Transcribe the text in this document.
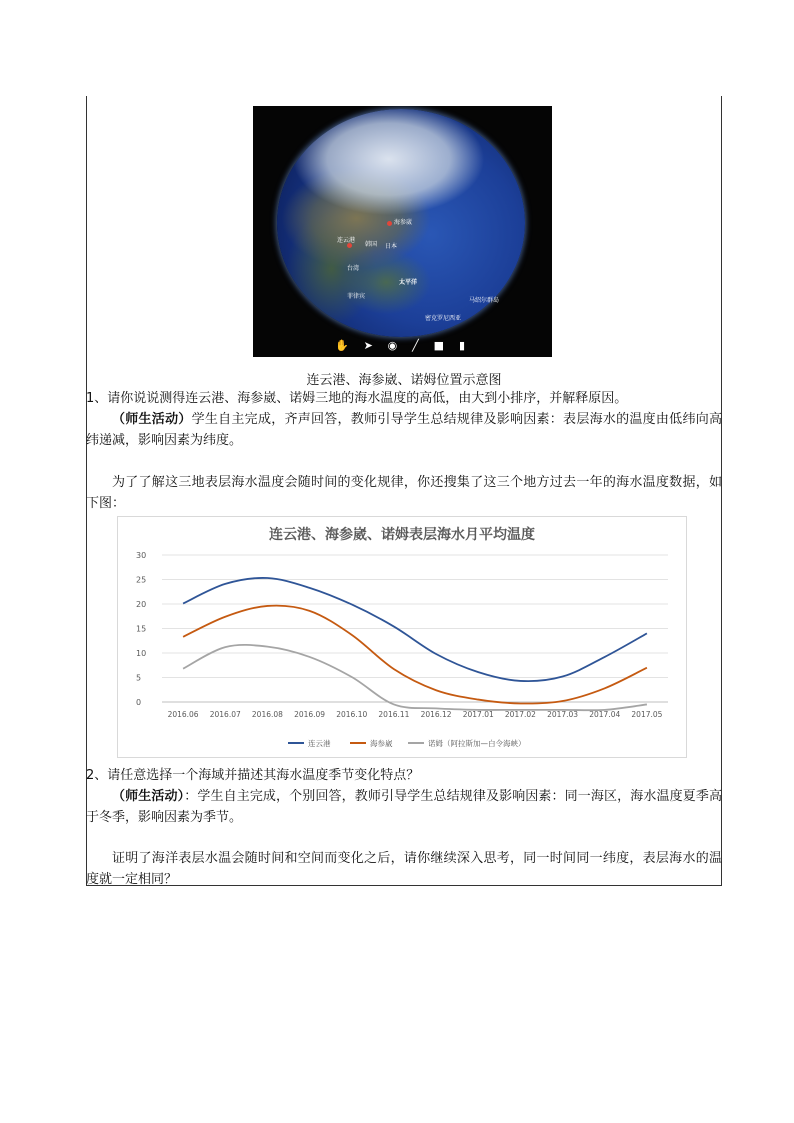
海参崴
连云港
韩国 日本
台湾
太平洋
菲律宾
马绍尔群岛
密克罗尼西亚
✋ ➤ ◉ ╱ ■ ▮
连云港、海参崴、诺姆位置示意图

1、请你说说测得连云港、海参崴、诺姆三地的海水温度的高低，由大到小排序，并解释原因。

（师生活动）学生自主完成，齐声回答，教师引导学生总结规律及影响因素：表层海水的温度由低纬向高纬递减，影响因素为纬度。

为了了解这三地表层海水温度会随时间的变化规律，你还搜集了这三个地方过去一年的海水温度数据，如下图：

连云港、海参崴、诺姆表层海水月平均温度
0
5
10
15
20
25
30
2016.06 2016.07 2016.08 2016.09 2016.10 2016.11 2016.12 2017.01 2017.02 2017.03 2017.04 2017.05
连云港	海参崴	诺姆（阿拉斯加—白令海峡）

2、请任意选择一个海域并描述其海水温度季节变化特点？

（师生活动）：学生自主完成，个别回答，教师引导学生总结规律及影响因素：同一海区，海水温度夏季高于冬季，影响因素为季节。

证明了海洋表层水温会随时间和空间而变化之后，请你继续深入思考，同一时间同一纬度，表层海水的温度就一定相同？
